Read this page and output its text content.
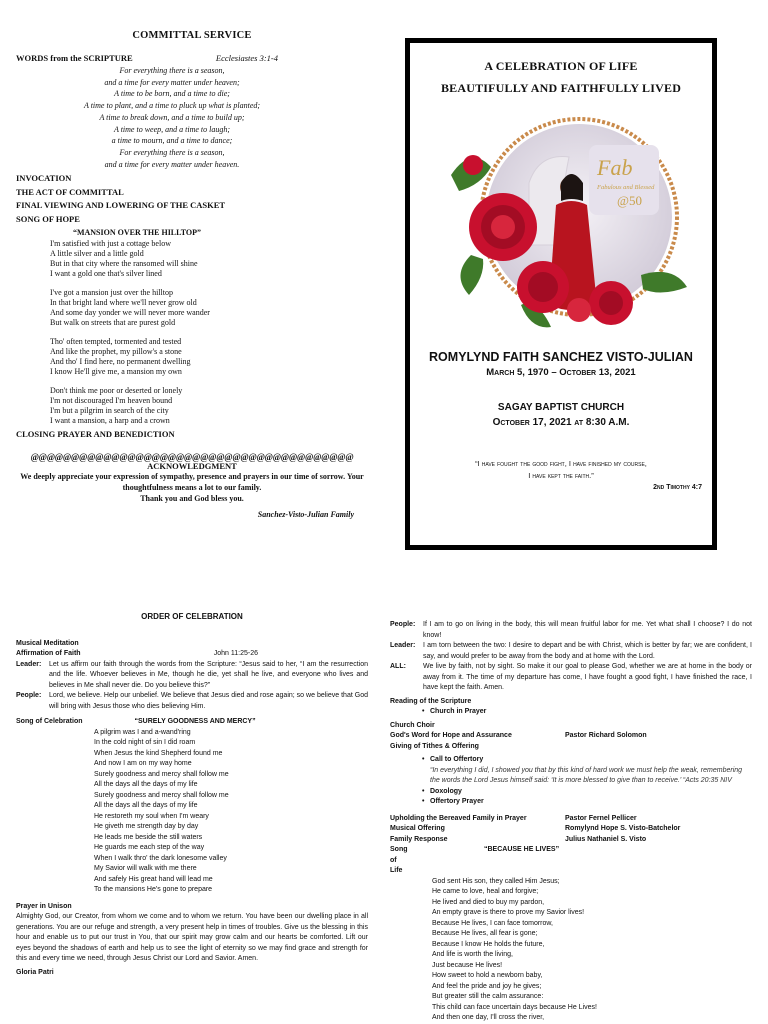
COMMITTAL SERVICE
WORDS from the SCRIPTURE	Ecclesiastes 3:1-4
For everything there is a season,
and a time for every matter under heaven;
A time to be born, and a time to die;
A time to plant, and a time to pluck up what is planted;
A time to break down, and a time to build up;
A time to weep, and a time to laugh;
a time to mourn, and a time to dance;
For everything there is a season,
and a time for every matter under heaven.
INVOCATION
THE ACT OF COMMITTAL
FINAL VIEWING AND LOWERING OF THE CASKET
SONG OF HOPE
“MANSION OVER THE HILLTOP”
I'm satisfied with just a cottage below
A little silver and a little gold
But in that city where the ransomed will shine
I want a gold one that's silver lined
I've got a mansion just over the hilltop
In that bright land where we'll never grow old
And some day yonder we will never more wander
But walk on streets that are purest gold
Tho' often tempted, tormented and tested
And like the prophet, my pillow's a stone
And tho' I find here, no permanent dwelling
I know He'll give me, a mansion my own
Don't think me poor or deserted or lonely
I'm not discouraged I'm heaven bound
I'm but a pilgrim in search of the city
I want a mansion, a harp and a crown
CLOSING PRAYER AND BENEDICTION
@@@@@@@@@@@@@@@@@@@@@@@@@@@@@@@@@@@@@@@@
ACKNOWLEDGMENT
We deeply appreciate your expression of sympathy, presence and prayers in our time of sorrow. Your thoughtfulness means a lot to our family.
Thank you and God bless you.
Sanchez-Visto-Julian Family
A CELEBRATION OF LIFE
BEAUTIFULLY AND FAITHFULLY LIVED
Fab
Fabulous and Blessed
@50
ROMYLYND FAITH SANCHEZ VISTO-JULIAN
March 5, 1970 – October 13, 2021
SAGAY BAPTIST CHURCH
October 17, 2021 at 8:30 A.M.
“I have fought the good fight, I have finished my course,
I have kept the faith.”
2nd Timothy 4:7
ORDER OF CELEBRATION
Musical Meditation
Affirmation of Faith	John 11:25-26
Leader:	Let us affirm our faith through the words from the Scripture: “Jesus said to her, “I am the resurrection and the life. Whoever believes in Me, though he die, yet shall he live, and everyone who lives and believes in Me shall never die. Do you believe this?”
People:	Lord, we believe. Help our unbelief. We believe that Jesus died and rose again; so we believe that God will bring with Jesus those who dies believing Him.
Song of Celebration	“SURELY GOODNESS AND MERCY”
A pilgrim was I and a-wand'ring
In the cold night of sin I did roam
When Jesus the kind Shepherd found me
And now I am on my way home
Surely goodness and mercy shall follow me
All the days all the days of my life
Surely goodness and mercy shall follow me
All the days all the days of my life
He restoreth my soul when I'm weary
He giveth me strength day by day
He leads me beside the still waters
He guards me each step of the way
When I walk thro' the dark lonesome valley
My Savior will walk with me there
And safely His great hand will lead me
To the mansions He's gone to prepare
Prayer in Unison
Almighty God, our Creator, from whom we come and to whom we return. You have been our dwelling place in all generations. You are our refuge and strength, a very present help in times of troubles. Give us the blessing in this hour and enable us to put our trust in You, that our spirit may grow calm and our hearts be comforted. Lift our eyes beyond the shadows of earth and help us to see the light of eternity so we may find grace and strength for this and every time we need, through Jesus Christ our Lord and Savior. Amen.
Gloria Patri
People:	If I am to go on living in the body, this will mean fruitful labor for me. Yet what shall I choose? I do not know!
Leader:	I am torn between the two: I desire to depart and be with Christ, which is better by far; we are confident, I say, and would prefer to be away from the body and at home with the Lord.
ALL:	We live by faith, not by sight. So make it our goal to please God, whether we are at home in the body or away from it. The time of my departure has come, I have fought a good fight, I have finished the race, I have kept the faith. Amen.
Reading of the Scripture
• Church in Prayer
Church Choir
God's Word for Hope and Assurance	Pastor Richard Solomon
Giving of Tithes & Offering
• Call to Offertory
“In everything I did, I showed you that by this kind of hard work we must help the weak, remembering the words the Lord Jesus himself said: ‘It is more blessed to give than to receive.’ “Acts 20:35 NIV
• Doxology
• Offertory Prayer
Upholding the Bereaved Family in Prayer	Pastor Fernel Pellicer
Musical Offering	Romylynd Hope S. Visto-Batchelor
Family Response	Julius Nathaniel S. Visto
Song of Life
“BECAUSE HE LIVES”
God sent His son, they called Him Jesus;
He came to love, heal and forgive;
He lived and died to buy my pardon,
An empty grave is there to prove my Savior lives!
Because He lives, I can face tomorrow,
Because He lives, all fear is gone;
Because I know He holds the future,
And life is worth the living,
Just because He lives!
How sweet to hold a newborn baby,
And feel the pride and joy he gives;
But greater still the calm assurance:
This child can face uncertain days because He Lives!
And then one day, I'll cross the river,
